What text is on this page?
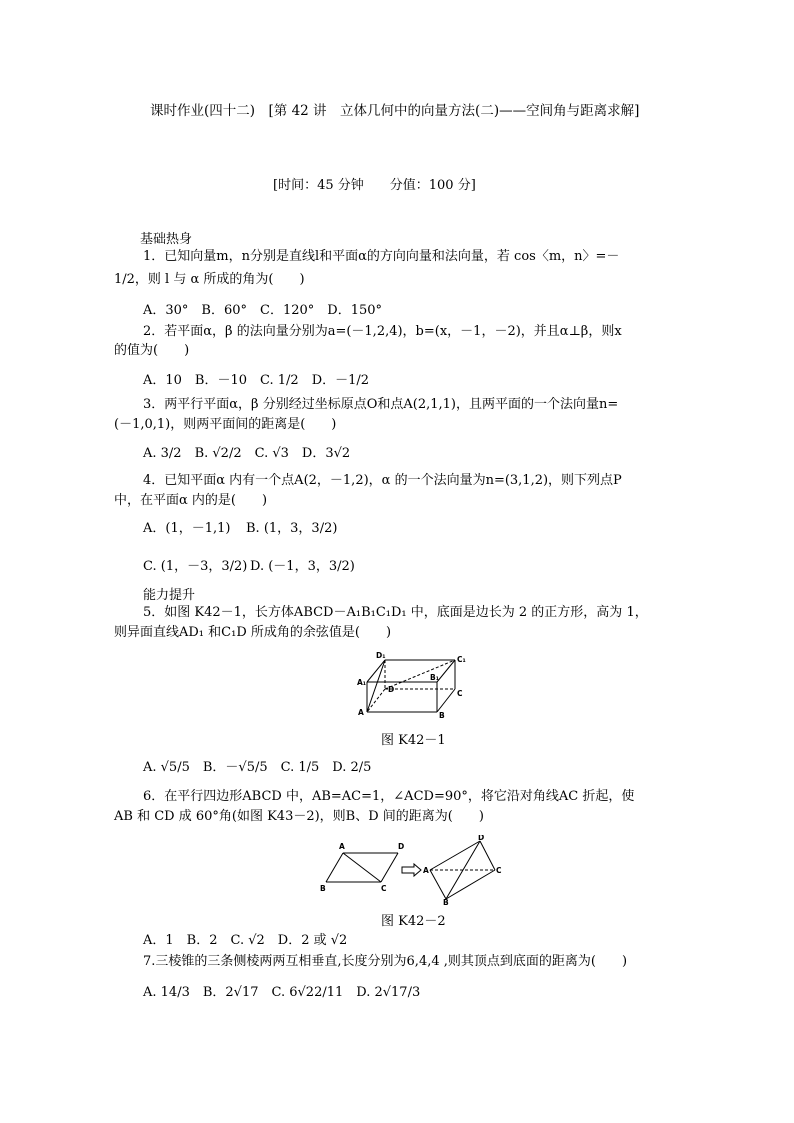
课时作业(四十二)　[第 42 讲　立体几何中的向量方法(二)——空间角与距离求解]
[时间：45 分钟　　分值：100 分]
基础热身
1．已知向量m，n分别是直线l和平面α的方向向量和法向量，若 cos〈m，n〉=－
1/2，则 l 与 α 所成的角为(　　)
A．30°　B．60°　C．120°　D．150°
2．若平面α，β 的法向量分别为a=(－1,2,4)，b=(x，－1，－2)，并且α⊥β，则x
的值为(　　)
A．10　B．－10　C. 1/2　D．－1/2
3．两平行平面α，β 分别经过坐标原点O和点A(2,1,1)，且两平面的一个法向量n=
(－1,0,1)，则两平面间的距离是(　　)
A. 3/2　B. √2/2　C. √3　D．3√2
4．已知平面α 内有一个点A(2，－1,2)，α 的一个法向量为n=(3,1,2)，则下列点P
中，在平面α 内的是(　　)
A．(1，－1,1) B. (1，3，3/2)
C. (1，－3，3/2) D. (－1，3，3/2)
能力提升
5．如图 K42－1，长方体ABCD－A₁B₁C₁D₁ 中，底面是边长为 2 的正方形，高为 1，
则异面直线AD₁ 和C₁D 所成角的余弦值是(　　)
D₁	C₁
A₁
B₁
D
A	B
C
图 K42－1
A. √5/5　B．－√5/5　C. 1/5　D. 2/5
6．在平行四边形ABCD 中，AB=AC=1，∠ACD=90°，将它沿对角线AC 折起，使
AB 和 CD 成 60°角(如图 K43－2)，则B、D 间的距离为(　　)
A	D
B	C
A
D
B
C
图 K42－2
A．1　B．2　C. √2　D．2 或 √2
7.三棱锥的三条侧棱两两互相垂直,长度分别为6,4,4 ,则其顶点到底面的距离为(　　)
A. 14/3　B．2√17　C. 6√22/11　D. 2√17/3
